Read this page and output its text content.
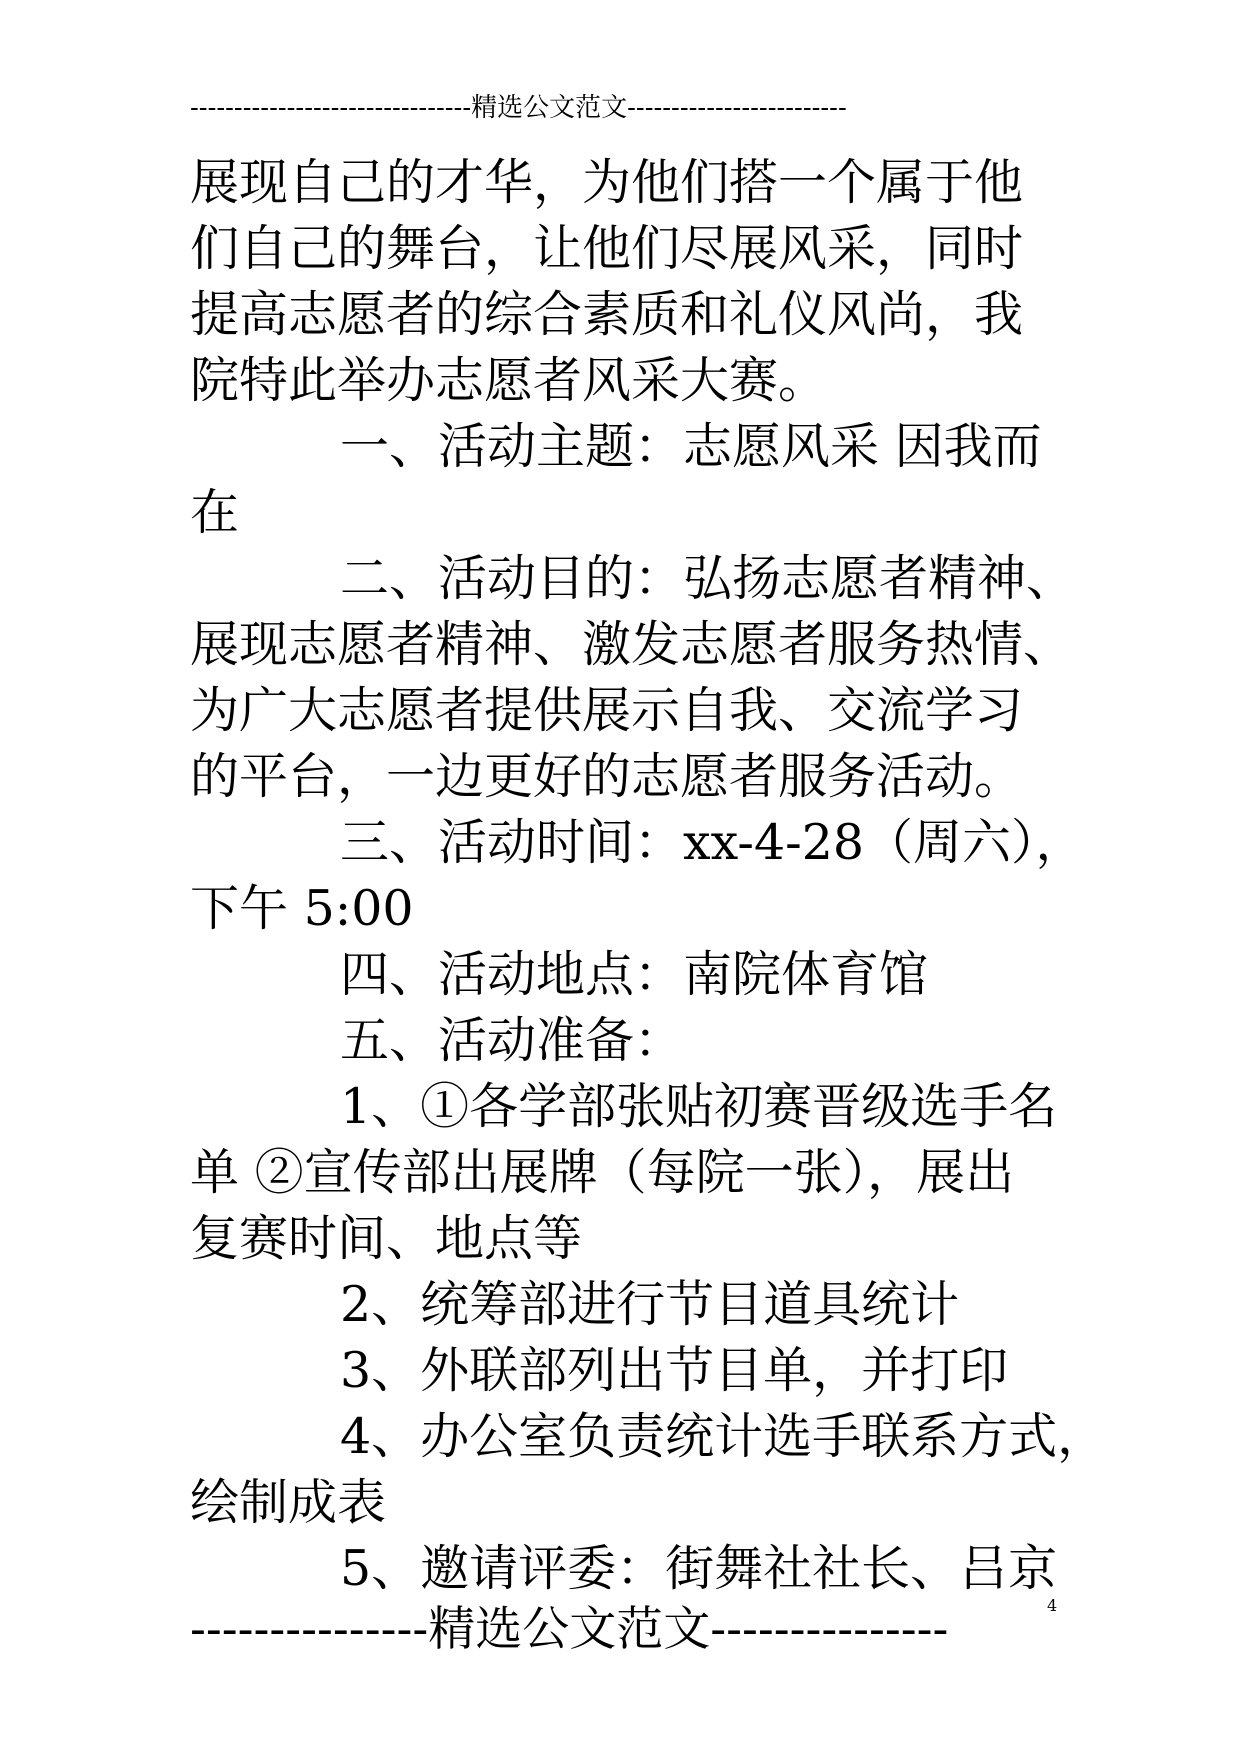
--------------------------------精选公文范文-------------------------
展现自己的才华，为他们搭一个属于他
们自己的舞台，让他们尽展风采，同时
提高志愿者的综合素质和礼仪风尚，我
院特此举办志愿者风采大赛。
一、活动主题：志愿风采 因我而
在
二、活动目的：弘扬志愿者精神、
展现志愿者精神、激发志愿者服务热情、
为广大志愿者提供展示自我、交流学习
的平台，一边更好的志愿者服务活动。
三、活动时间：xx-4-28（周六），
下午 5:00
四、活动地点：南院体育馆
五、活动准备：
1、①各学部张贴初赛晋级选手名
单 ②宣传部出展牌（每院一张），展出
复赛时间、地点等
2、统筹部进行节目道具统计
3、外联部列出节目单，并打印
4、办公室负责统计选手联系方式，
绘制成表
5、邀请评委：街舞社社长、吕京
4
---------------精选公文范文---------------
